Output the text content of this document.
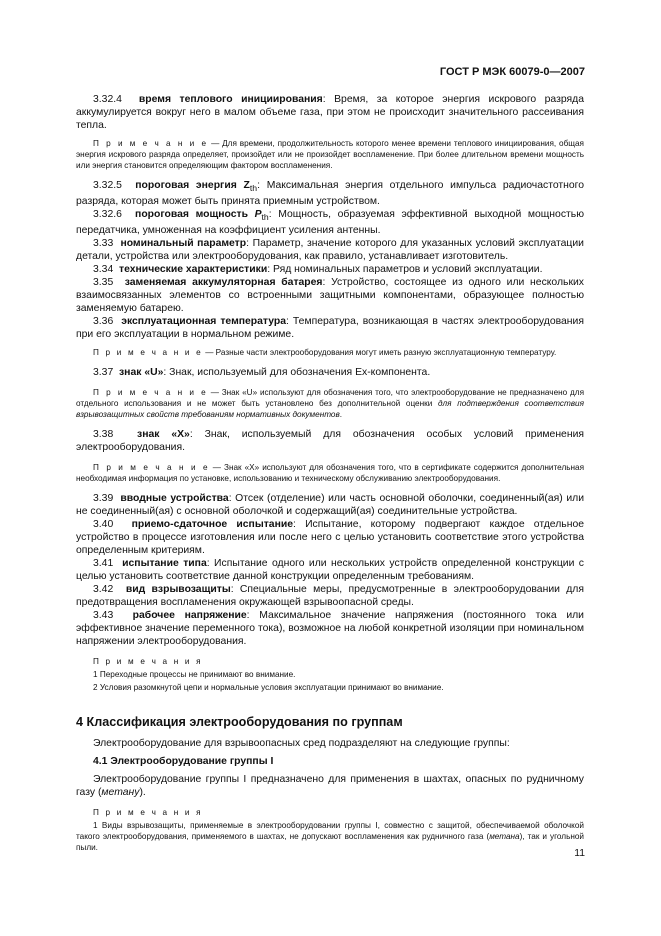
ГОСТ Р МЭК 60079-0—2007

3.32.4 время теплового инициирования: Время, за которое энергия искрового разряда аккумулируется вокруг него в малом объеме газа, при этом не происходит значительного рассеивания тепла.

П р и м е ч а н и е — Для времени, продолжительность которого менее времени теплового инициирования, общая энергия искрового разряда определяет, произойдет или не произойдет воспламенение. При более длительном времени мощность или энергия становится определяющим фактором воспламенения.

3.32.5 пороговая энергия $Z_{th}$: Максимальная энергия отдельного импульса радиочастотного разряда, которая может быть принята приемным устройством.

3.32.6 пороговая мощность $P_{th}$: Мощность, образуемая эффективной выходной мощностью передатчика, умноженная на коэффициент усиления антенны.

3.33 номинальный параметр: Параметр, значение которого для указанных условий эксплуатации детали, устройства или электрооборудования, как правило, устанавливает изготовитель.

3.34 технические характеристики: Ряд номинальных параметров и условий эксплуатации.

3.35 заменяемая аккумуляторная батарея: Устройство, состоящее из одного или нескольких взаимосвязанных элементов со встроенными защитными компонентами, образующее полностью заменяемую батарею.

3.36 эксплуатационная температура: Температура, возникающая в частях электрооборудования при его эксплуатации в нормальном режиме.

П р и м е ч а н и е — Разные части электрооборудования могут иметь разную эксплуатационную температуру.

3.37 знак «U»: Знак, используемый для обозначения Ex-компонента.

П р и м е ч а н и е — Знак «U» используют для обозначения того, что электрооборудование не предназначено для отдельного использования и не может быть установлено без дополнительной оценки для подтверждения соответствия взрывозащитных свойств требованиям нормативных документов.

3.38 знак «X»: Знак, используемый для обозначения особых условий применения электрооборудования.

П р и м е ч а н и е — Знак «X» используют для обозначения того, что в сертификате содержится дополнительная необходимая информация по установке, использованию и техническому обслуживанию электрооборудования.

3.39 вводные устройства: Отсек (отделение) или часть основной оболочки, соединенный(ая) или не соединенный(ая) с основной оболочкой и содержащий(ая) соединительные устройства.

3.40 приемо-сдаточное испытание: Испытание, которому подвергают каждое отдельное устройство в процессе изготовления или после него с целью установить соответствие этого устройства определенным критериям.

3.41 испытание типа: Испытание одного или нескольких устройств определенной конструкции с целью установить соответствие данной конструкции определенным требованиям.

3.42 вид взрывозащиты: Специальные меры, предусмотренные в электрооборудовании для предотвращения воспламенения окружающей взрывоопасной среды.

3.43 рабочее напряжение: Максимальное значение напряжения (постоянного тока или эффективное значение переменного тока), возможное на любой конкретной изоляции при номинальном напряжении электрооборудования.

П р и м е ч а н и я

1 Переходные процессы не принимают во внимание.

2 Условия разомкнутой цепи и нормальные условия эксплуатации принимают во внимание.

4 Классификация электрооборудования по группам

Электрооборудование для взрывоопасных сред подразделяют на следующие группы:

4.1 Электрооборудование группы I

Электрооборудование группы I предназначено для применения в шахтах, опасных по рудничному газу (метану).

П р и м е ч а н и я

1 Виды взрывозащиты, применяемые в электрооборудовании группы I, совместно с защитой, обеспечиваемой оболочкой такого электрооборудования, применяемого в шахтах, не допускают воспламенения как рудничного газа (метана), так и угольной пыли.

11
